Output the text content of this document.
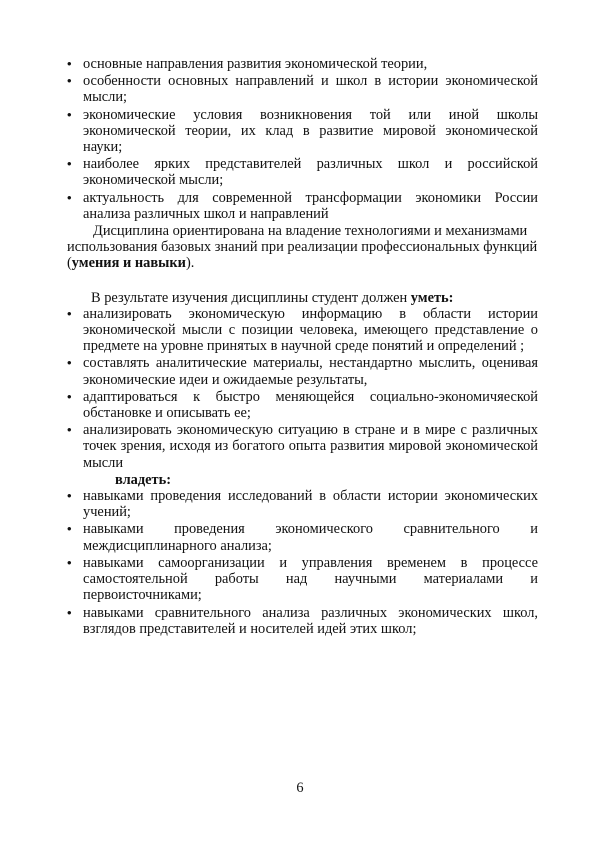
• основные направления развития экономической теории,
• особенности основных направлений и школ в истории экономической мысли;
• экономические условия возникновения той или иной школы экономической теории, их клад в развитие мировой экономической науки;
• наиболее ярких представителей различных школ и российской экономической мысли;
• актуальность для современной трансформации экономики России анализа различных школ и направлений

Дисциплина ориентирована на владение технологиями и механизмами использования базовых знаний при реализации профессиональных функций (умения и навыки).

В результате изучения дисциплины студент должен уметь:

• анализировать экономическую информацию в области истории экономической мысли с позиции человека, имеющего представление о предмете на уровне принятых в научной среде понятий и определений ;
• составлять аналитические материалы, нестандартно мыслить, оценивая экономические идеи и ожидаемые результаты,
• адаптироваться к быстро меняющейся социально-экономичяеской обстановке и описывать ее;
• анализировать экономическую ситуацию в стране и в мире с различных точек зрения, исходя из богатого опыта развития мировой экономической мысли

владеть:

• навыками проведения исследований в области истории экономических учений;
• навыками проведения экономического сравнительного и междисциплинарного анализа;
• навыками самоорганизации и управления временем в процессе самостоятельной работы над научными материалами и первоисточниками;
• навыками сравнительного анализа различных экономических школ, взглядов представителей и носителей идей этих школ;
6
